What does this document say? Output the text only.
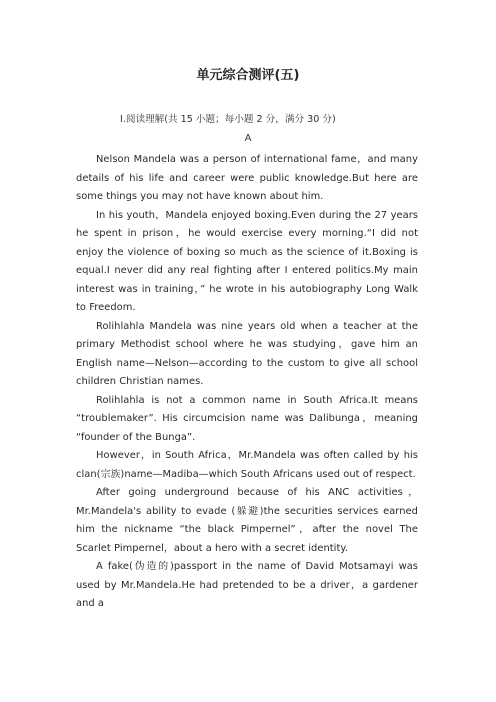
单元综合测评(五)
Ⅰ.阅读理解(共 15 小题；每小题 2 分，满分 30 分)
A

Nelson Mandela was a person of international fame，and many details of his life and career were public knowledge.But here are some things you may not have known about him.

In his youth，Mandela enjoyed boxing.Even during the 27 years he spent in prison，he would exercise every morning.“I did not enjoy the violence of boxing so much as the science of it.Boxing is equal.I never did any real fighting after I entered politics.My main interest was in training，” he wrote in his autobiography Long Walk to Freedom.

Rolihlahla Mandela was nine years old when a teacher at the primary Methodist school where he was studying，gave him an English name—Nelson—according to the custom to give all school children Christian names.

Rolihlahla is not a common name in South Africa.It means “troublemaker”. His circumcision name was Dalibunga，meaning “founder of the Bunga”.

However，in South Africa，Mr.Mandela was often called by his clan(宗族)name—Madiba—which South Africans used out of respect.

After going underground because of his ANC activities，Mr.Mandela's ability to evade (躲避)the securities services earned him the nickname “the black Pimpernel”，after the novel The Scarlet Pimpernel，about a hero with a secret identity.

A fake(伪造的)passport in the name of David Motsamayi was used by Mr.Mandela.He had pretended to be a driver，a gardener and a
